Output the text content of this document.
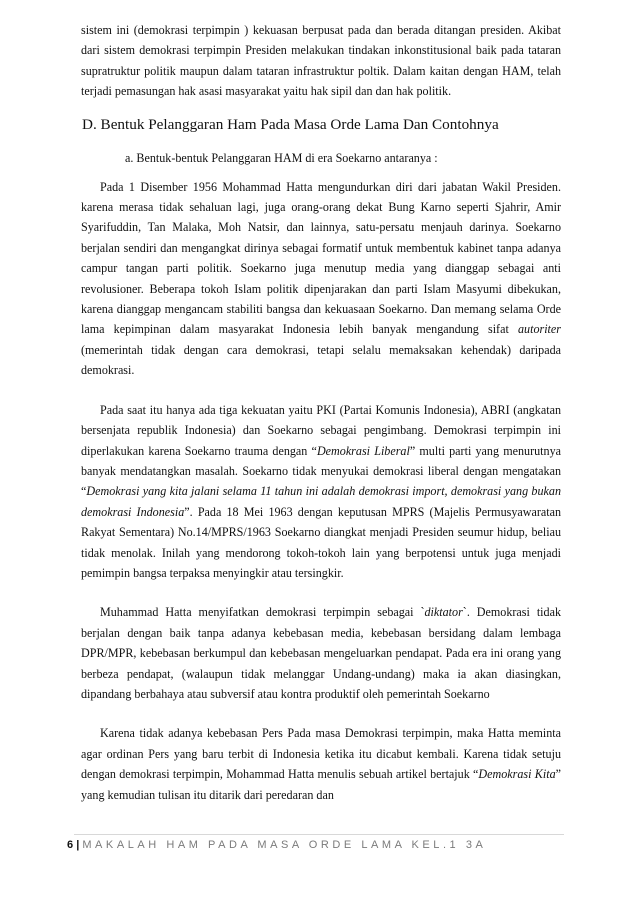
sistem ini (demokrasi terpimpin ) kekuasan berpusat pada dan berada ditangan presiden. Akibat dari sistem demokrasi terpimpin Presiden melakukan tindakan inkonstitusional baik pada tataran supratruktur politik maupun dalam tataran infrastruktur poltik. Dalam kaitan dengan HAM, telah terjadi pemasungan hak asasi masyarakat yaitu hak sipil dan dan hak politik.

D. Bentuk Pelanggaran Ham Pada Masa Orde Lama Dan Contohnya

a. Bentuk-bentuk Pelanggaran HAM di era Soekarno antaranya :

Pada 1 Disember 1956 Mohammad Hatta mengundurkan diri dari jabatan Wakil Presiden. karena merasa tidak sehaluan lagi, juga orang-orang dekat Bung Karno seperti Sjahrir, Amir Syarifuddin, Tan Malaka, Moh Natsir, dan lainnya, satu-persatu menjauh darinya. Soekarno berjalan sendiri dan mengangkat dirinya sebagai formatif untuk membentuk kabinet tanpa adanya campur tangan parti politik. Soekarno juga menutup media yang dianggap sebagai anti revolusioner. Beberapa tokoh Islam politik dipenjarakan dan parti Islam Masyumi dibekukan, karena dianggap mengancam stabiliti bangsa dan kekuasaan Soekarno. Dan memang selama Orde lama kepimpinan dalam masyarakat Indonesia lebih banyak mengandung sifat autoriter (memerintah tidak dengan cara demokrasi, tetapi selalu memaksakan kehendak) daripada demokrasi.

Pada saat itu hanya ada tiga kekuatan yaitu PKI (Partai Komunis Indonesia), ABRI (angkatan bersenjata republik Indonesia) dan Soekarno sebagai pengimbang. Demokrasi terpimpin ini diperlakukan karena Soekarno trauma dengan “Demokrasi Liberal” multi parti yang menurutnya banyak mendatangkan masalah. Soekarno tidak menyukai demokrasi liberal dengan mengatakan “Demokrasi yang kita jalani selama 11 tahun ini adalah demokrasi import, demokrasi yang bukan demokrasi Indonesia”. Pada 18 Mei 1963 dengan keputusan MPRS (Majelis Permusyawaratan Rakyat Sementara) No.14/MPRS/1963 Soekarno diangkat menjadi Presiden seumur hidup, beliau tidak menolak. Inilah yang mendorong tokoh-tokoh lain yang berpotensi untuk juga menjadi pemimpin bangsa terpaksa menyingkir atau tersingkir.

Muhammad Hatta menyifatkan demokrasi terpimpin sebagai `diktator`. Demokrasi tidak berjalan dengan baik tanpa adanya kebebasan media, kebebasan bersidang dalam lembaga DPR/MPR, kebebasan berkumpul dan kebebasan mengeluarkan pendapat. Pada era ini orang yang berbeza pendapat, (walaupun tidak melanggar Undang-undang) maka ia akan diasingkan, dipandang berbahaya atau subversif atau kontra produktif oleh pemerintah Soekarno

Karena tidak adanya kebebasan Pers Pada masa Demokrasi terpimpin, maka Hatta meminta agar ordinan Pers yang baru terbit di Indonesia ketika itu dicabut kembali. Karena tidak setuju dengan demokrasi terpimpin, Mohammad Hatta menulis sebuah artikel bertajuk “Demokrasi Kita” yang kemudian tulisan itu ditarik dari peredaran dan

6 | MAKALAH HAM PADA MASA ORDE LAMA KEL.1 3A
